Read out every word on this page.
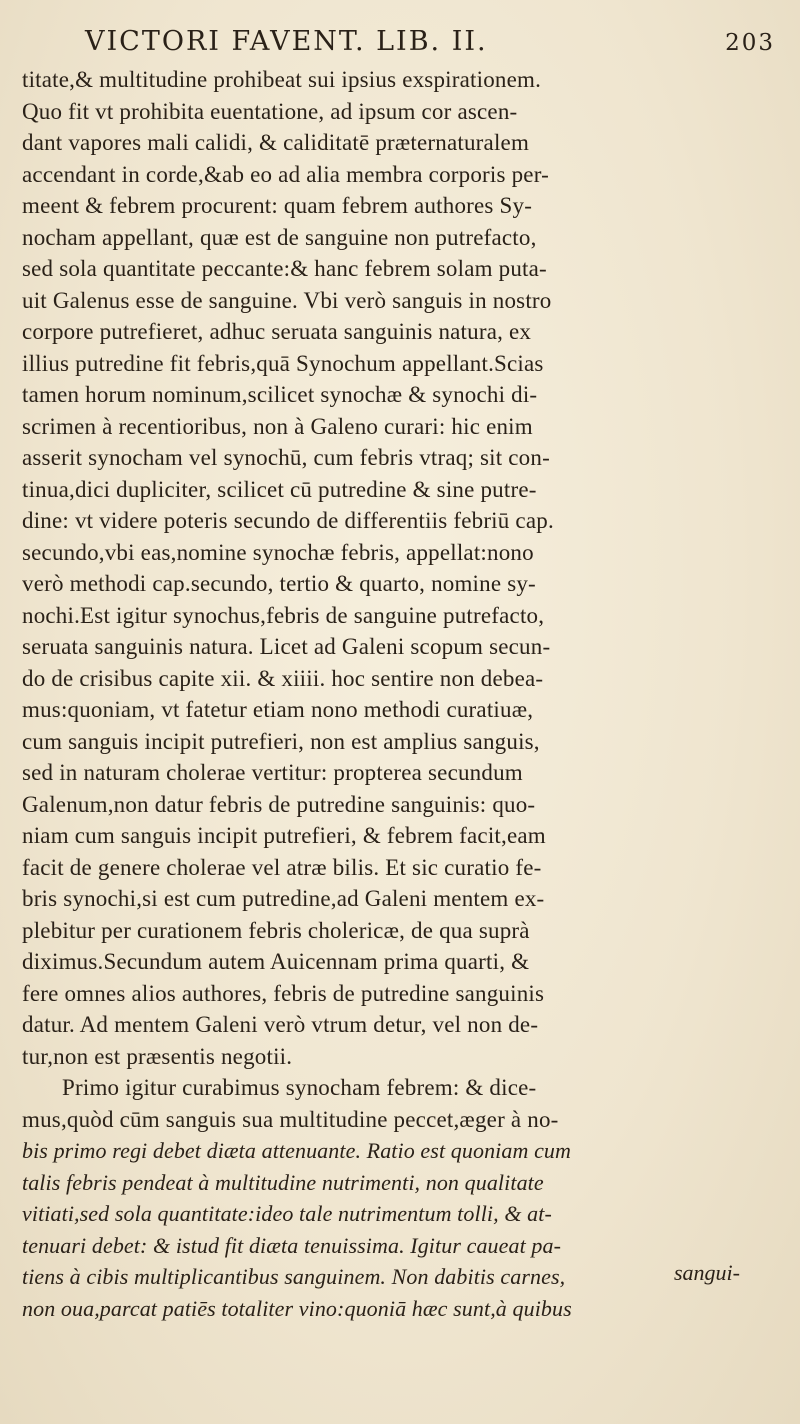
VICTORI FAVENT. LIB. II.	203
titate,& multitudine prohibeat sui ipsius exspirationem.
Quo fit vt prohibita euentatione, ad ipsum cor ascen-
dant vapores mali calidi, & caliditatē præternaturalem
accendant in corde,&ab eo ad alia membra corporis per-
meent & febrem procurent: quam febrem authores Sy-
nocham appellant, quæ est de sanguine non putrefacto,
sed sola quantitate peccante:& hanc febrem solam puta-
uit Galenus esse de sanguine. Vbi verò sanguis in nostro
corpore putrefieret, adhuc seruata sanguinis natura, ex
illius putredine fit febris,quā Synochum appellant.Scias
tamen horum nominum,scilicet synochæ & synochi di-
scrimen à recentioribus, non à Galeno curari: hic enim
asserit synocham vel synochū, cum febris vtraq; sit con-
tinua,dici dupliciter, scilicet cū putredine & sine putre-
dine: vt videre poteris secundo de differentiis febriū cap.
secundo,vbi eas,nomine synochæ febris, appellat:nono
verò methodi cap.secundo, tertio & quarto, nomine sy-
nochi.Est igitur synochus,febris de sanguine putrefacto,
seruata sanguinis natura. Licet ad Galeni scopum secun-
do de crisibus capite xii. & xiiii. hoc sentire non debea-
mus:quoniam, vt fatetur etiam nono methodi curatiuæ,
cum sanguis incipit putrefieri, non est amplius sanguis,
sed in naturam cholerae vertitur: propterea secundum
Galenum,non datur febris de putredine sanguinis: quo-
niam cum sanguis incipit putrefieri, & febrem facit,eam
facit de genere cholerae vel atræ bilis. Et sic curatio fe-
bris synochi,si est cum putredine,ad Galeni mentem ex-
plebitur per curationem febris cholericæ, de qua suprà
diximus.Secundum autem Auicennam prima quarti, &
fere omnes alios authores, febris de putredine sanguinis
datur. Ad mentem Galeni verò vtrum detur, vel non de-
tur,non est præsentis negotii.
Primo igitur curabimus synocham febrem: & dice-
mus,quòd cūm sanguis sua multitudine peccet,æger à no-
bis primo regi debet diæta attenuante. Ratio est quoniam cum
talis febris pendeat à multitudine nutrimenti, non qualitate
vitiati,sed sola quantitate:ideo tale nutrimentum tolli, & at-
tenuari debet: & istud fit diæta tenuissima. Igitur caueat pa-
tiens à cibis multiplicantibus sanguinem. Non dabitis carnes,
non oua,parcat patiēs totaliter vino:quoniā hæc sunt,à quibus
sangui-
